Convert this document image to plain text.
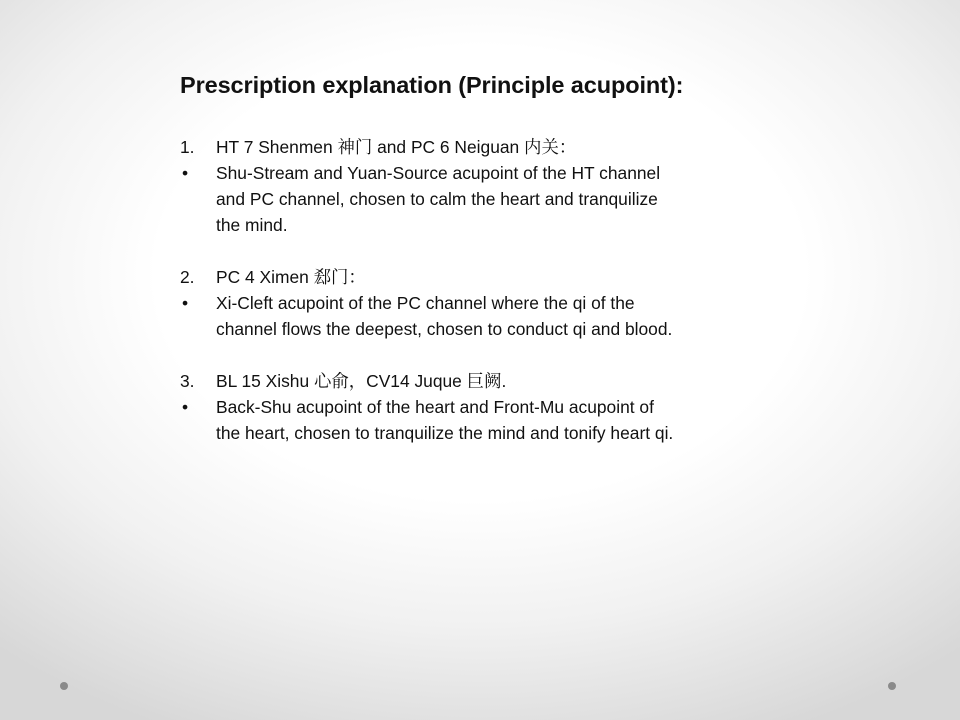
Prescription explanation (Principle acupoint):
1.	HT 7 Shenmen 神门 and PC 6 Neiguan 内关：
•	Shu-Stream and Yuan-Source acupoint of the HT channel
and PC channel, chosen to calm the heart and tranquilize
the mind.
2.	PC 4 Ximen 郄门：
•	Xi-Cleft acupoint of the PC channel where the qi of the
channel flows the deepest, chosen to conduct qi and blood.
3.	BL 15 Xishu 心俞，CV14 Juque 巨阙.
•	Back-Shu acupoint of the heart and Front-Mu acupoint of
the heart, chosen to tranquilize the mind and tonify heart qi.
